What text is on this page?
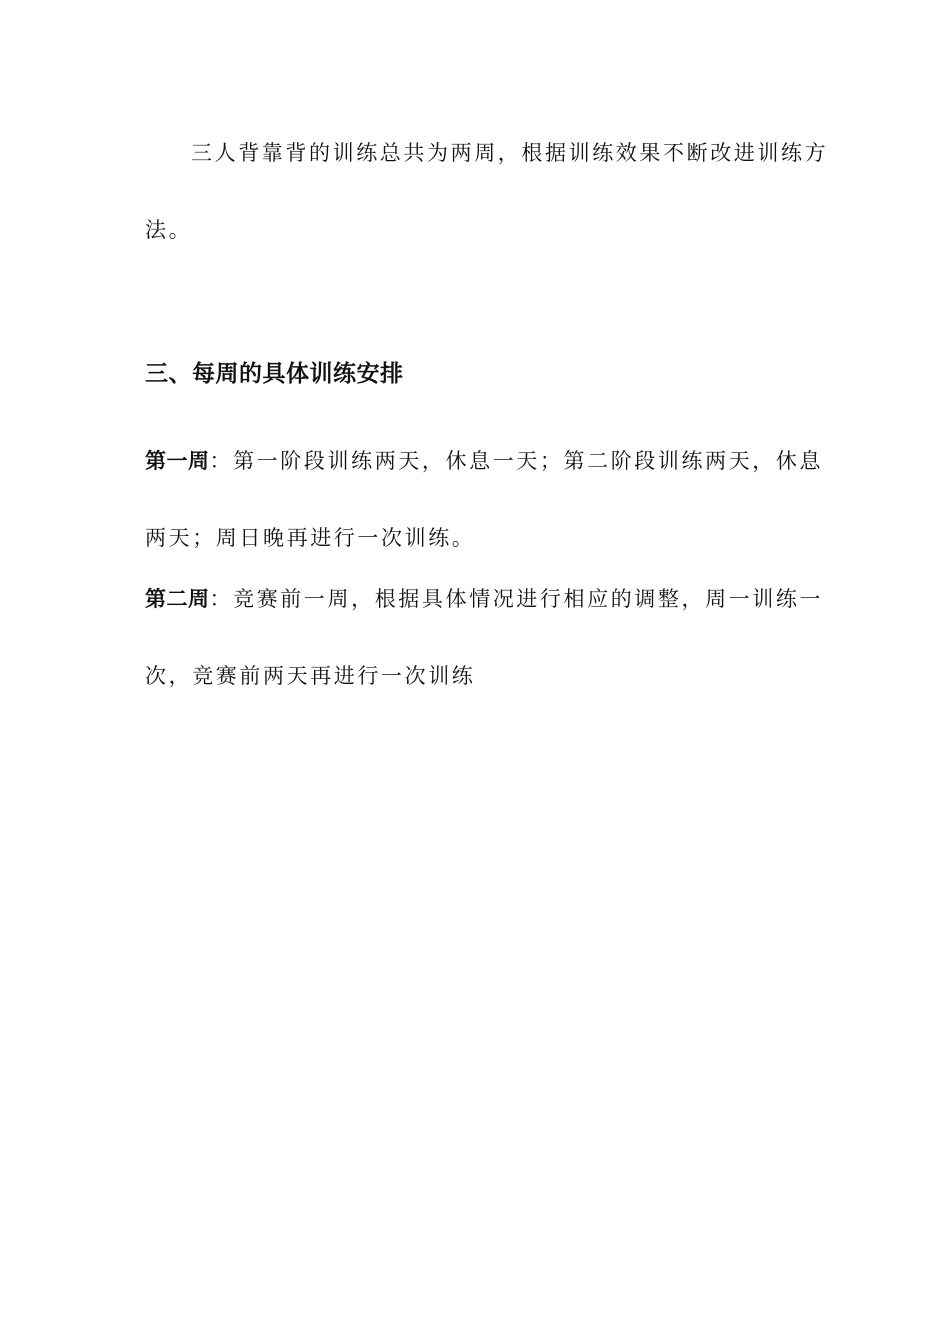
三人背靠背的训练总共为两周，根据训练效果不断改进训练方
法。

三、每周的具体训练安排

第一周：第一阶段训练两天，休息一天；第二阶段训练两天，休息
两天；周日晚再进行一次训练。

第二周：竞赛前一周，根据具体情况进行相应的调整，周一训练一
次，竞赛前两天再进行一次训练
